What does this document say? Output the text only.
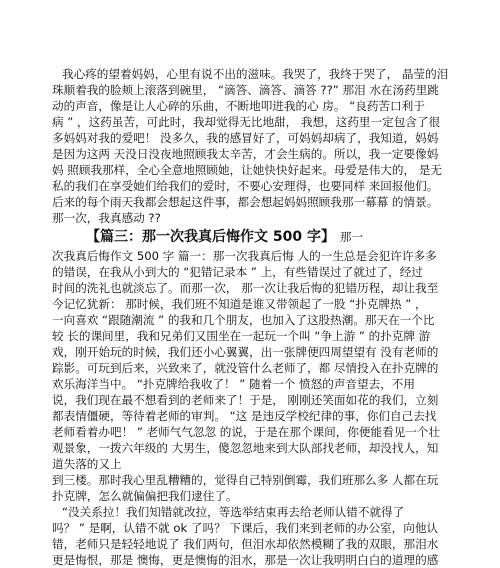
我心疼的望着妈妈，心里有说不出的滋味。我哭了，我终于哭了， 晶莹的泪
珠顺着我的脸颊上滚落到碗里， “滴答、滴答、滴答 ??” 那泪 水在汤药里跳
动的声音，像是让人心碎的乐曲，不断地叩进我的心 房。 “良药苦口利于
病 ” ，这药虽苦，可此时，我却觉得无比地甜， 我想，这药里一定包含了很
多妈妈对我的爱吧！ 没多久，我的感冒好了，可妈妈却病了，我知道，妈妈
是因为这两 天没日没夜地照顾我太辛苦，才会生病的。所以，我一定要像妈
妈 照顾我那样，全心全意地照顾她，让她快快好起来。母爱是伟大的， 是无
私的我们在享受她们给我们的爱时，不要心安理得，也要同样 来回报他们。
后来的每个雨天我都会想起这件事，都会想起妈妈照顾我那一幕幕 的情景。
那一次，我真感动 ??
【篇三：那一次我真后悔作文 500 字】 那一
次我真后悔作文 500 字 篇一：那一次我真后悔 人的一生总是会犯许许多多
的错误，在我从小到大的 “犯错记录本 ” 上，有些错误过了就过了，经过
时间的洗礼也就淡忘了。而那一次， 那一次让我后悔的犯错历程，却让我至
今记忆犹新： 那时候，我们班不知道是谁又带领起了一股 “扑克牌热 ” ，
一向喜欢 “跟随潮流 ” 的我和几个朋友，也加入了这股热潮。那天在一个比
较 长的课间里，我和兄弟们又围坐在一起玩一个叫 “争上游 ” 的扑克牌 游
戏，刚开始玩的时候，我们还小心翼翼，出一张牌便四周望望有 没有老师的
踪影。可玩到后来，兴致来了，就没管什么老师了，都 尽情投入在扑克牌的
欢乐海洋当中。 “扑克牌给我收了！ ” 随着一个 愤怒的声音望去，不用
说，我们现在最不想看到的老师来了！于是， 刚刚还笑面如花的我们，立刻
都表情僵硬，等待着老师的审判。 “这 是违反学校纪律的事，你们自己去找
老师看着办吧！ ” 老师气气忽忽 的说，于是在那个课间，你便能看见一个壮
观景象，一拨六年级的 大男生，傻忽忽地来到大队部找老师，却没找人，知
道失落的又上
到三楼。那时我心里乱糟糟的，觉得自己特别倒霉，我们班那么多 人都在玩
扑克牌，怎么就偏偏把我们逮住了。
“没关系拉！我们知错就改拉，等选举结束再去给老师认错不就得了
吗？ ” 是啊，认错不就 ok 了吗？ 下课后，我们来到老师的办公室，向他认
错，老师只是轻轻地说了 我们两句，但泪水却依然模糊了我的双眼，那泪水
更是悔恨，那是 懊悔，更是懊悔的泪水，那是一次让我明明白白的道理的感
